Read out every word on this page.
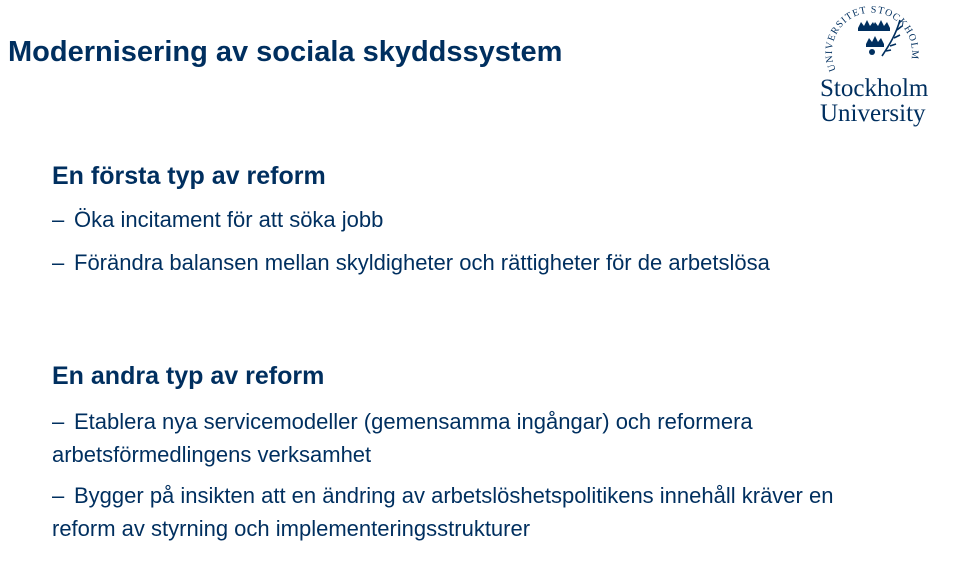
Modernisering av sociala skyddssystem	UNIVERSITET STOCKHOLM
Stockholm
University
En första typ av reform

– Öka incitament för att söka jobb

– Förändra balansen mellan skyldigheter och rättigheter för de arbetslösa

En andra typ av reform

– Etablera nya servicemodeller (gemensamma ingångar) och reformera arbetsförmedlingens verksamhet

– Bygger på insikten att en ändring av arbetslöshetspolitikens innehåll kräver en reform av styrning och implementeringsstrukturer
